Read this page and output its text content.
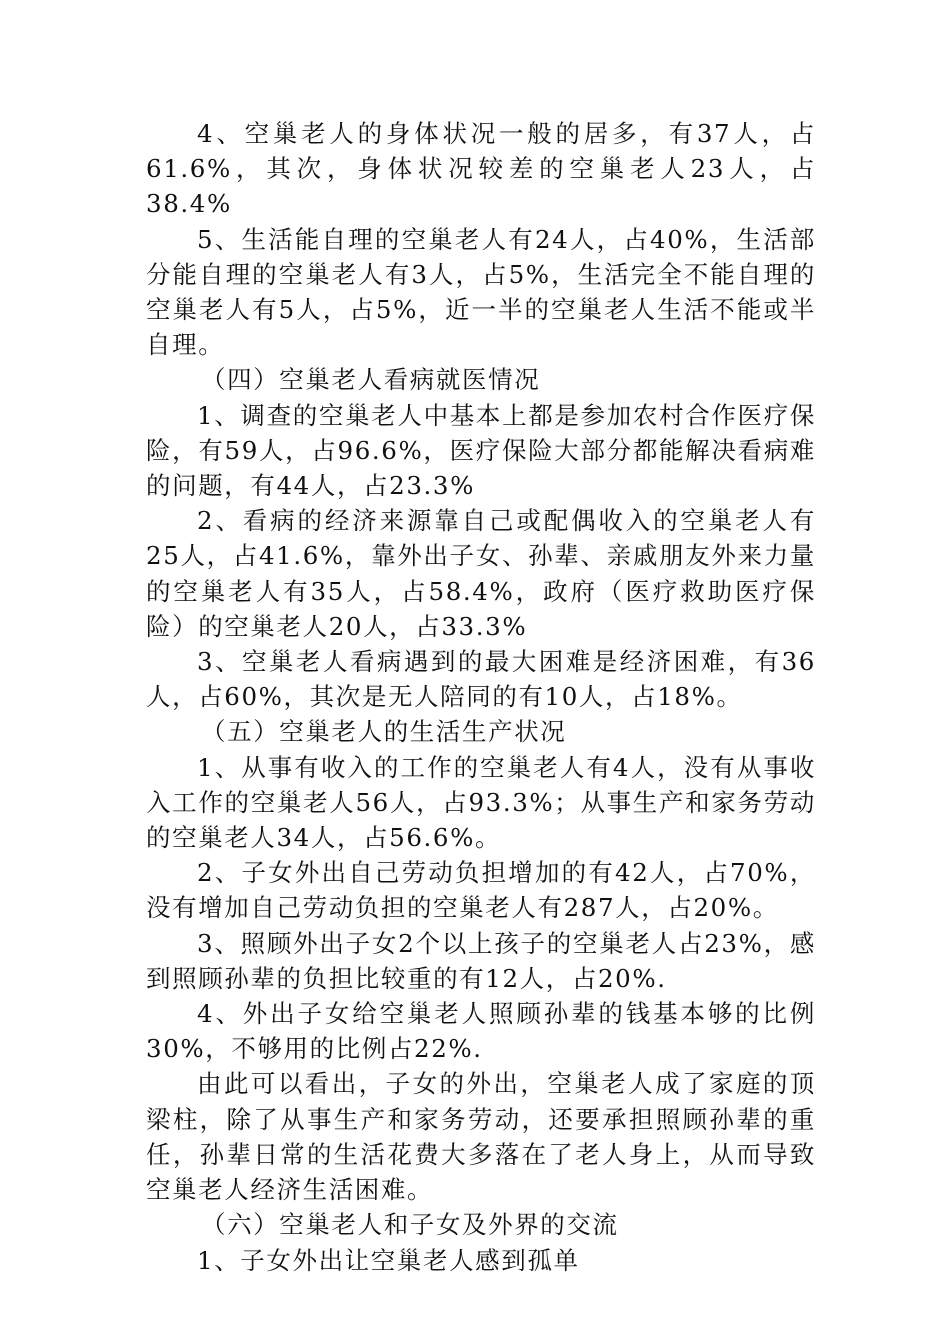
4、空巢老人的身体状况一般的居多，有37人，占61.6%，其次，身体状况较差的空巢老人23人，占38.4%

5、生活能自理的空巢老人有24人，占40%，生活部分能自理的空巢老人有3人，占5%，生活完全不能自理的空巢老人有5人，占5%，近一半的空巢老人生活不能或半自理。

（四）空巢老人看病就医情况

1、调查的空巢老人中基本上都是参加农村合作医疗保险，有59人，占96.6%，医疗保险大部分都能解决看病难的问题，有44人，占23.3%

2、看病的经济来源靠自己或配偶收入的空巢老人有25人，占41.6%，靠外出子女、孙辈、亲戚朋友外来力量的空巢老人有35人，占58.4%，政府（医疗救助医疗保险）的空巢老人20人，占33.3%

3、空巢老人看病遇到的最大困难是经济困难，有36人，占60%，其次是无人陪同的有10人，占18%。

（五）空巢老人的生活生产状况

1、从事有收入的工作的空巢老人有4人，没有从事收入工作的空巢老人56人，占93.3%；从事生产和家务劳动的空巢老人34人，占56.6%。

2、子女外出自己劳动负担增加的有42人，占70%，没有增加自己劳动负担的空巢老人有287人，占20%。

3、照顾外出子女2个以上孩子的空巢老人占23%，感到照顾孙辈的负担比较重的有12人，占20%.

4、外出子女给空巢老人照顾孙辈的钱基本够的比例30%，不够用的比例占22%.

由此可以看出，子女的外出，空巢老人成了家庭的顶梁柱，除了从事生产和家务劳动，还要承担照顾孙辈的重任，孙辈日常的生活花费大多落在了老人身上，从而导致空巢老人经济生活困难。

（六）空巢老人和子女及外界的交流

1、子女外出让空巢老人感到孤单
